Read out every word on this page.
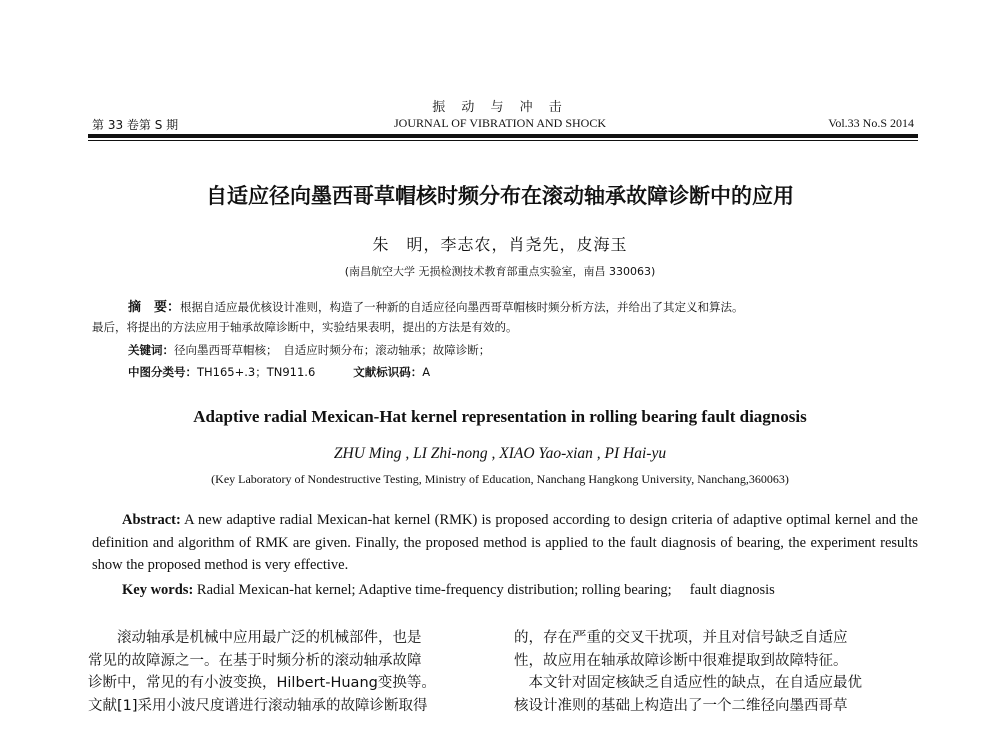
振 动 与 冲 击
第 33 卷第 S 期	JOURNAL OF VIBRATION AND SHOCK	Vol.33 No.S 2014
自适应径向墨西哥草帽核时频分布在滚动轴承故障诊断中的应用
朱　明，李志农，肖尧先，皮海玉
(南昌航空大学 无损检测技术教育部重点实验室，南昌 330063)
摘　要：根据自适应最优核设计准则，构造了一种新的自适应径向墨西哥草帽核时频分析方法，并给出了其定义和算法。
最后，将提出的方法应用于轴承故障诊断中，实验结果表明，提出的方法是有效的。
关键词：径向墨西哥草帽核；　自适应时频分布；滚动轴承；故障诊断；
中图分类号：TH165+.3；TN911.6	文献标识码：A
Adaptive radial Mexican-Hat kernel representation in rolling bearing fault diagnosis
ZHU Ming , LI Zhi-nong , XIAO Yao-xian , PI Hai-yu
(Key Laboratory of Nondestructive Testing, Ministry of Education, Nanchang Hangkong University, Nanchang,360063)
Abstract: A new adaptive radial Mexican-hat kernel (RMK) is proposed according to design criteria of adaptive optimal kernel and the definition and algorithm of RMK are given. Finally, the proposed method is applied to the fault diagnosis of bearing, the experiment results show the proposed method is very effective.
Key words: Radial Mexican-hat kernel; Adaptive time-frequency distribution; rolling bearing;　 fault diagnosis
　　滚动轴承是机械中应用最广泛的机械部件，也是
常见的故障源之一。在基于时频分析的滚动轴承故障
诊断中，常见的有小波变换，Hilbert-Huang变换等。
文献[1]采用小波尺度谱进行滚动轴承的故障诊断取得
的，存在严重的交叉干扰项，并且对信号缺乏自适应
性，故应用在轴承故障诊断中很难提取到故障特征。
　本文针对固定核缺乏自适应性的缺点，在自适应最优
核设计准则的基础上构造出了一个二维径向墨西哥草
